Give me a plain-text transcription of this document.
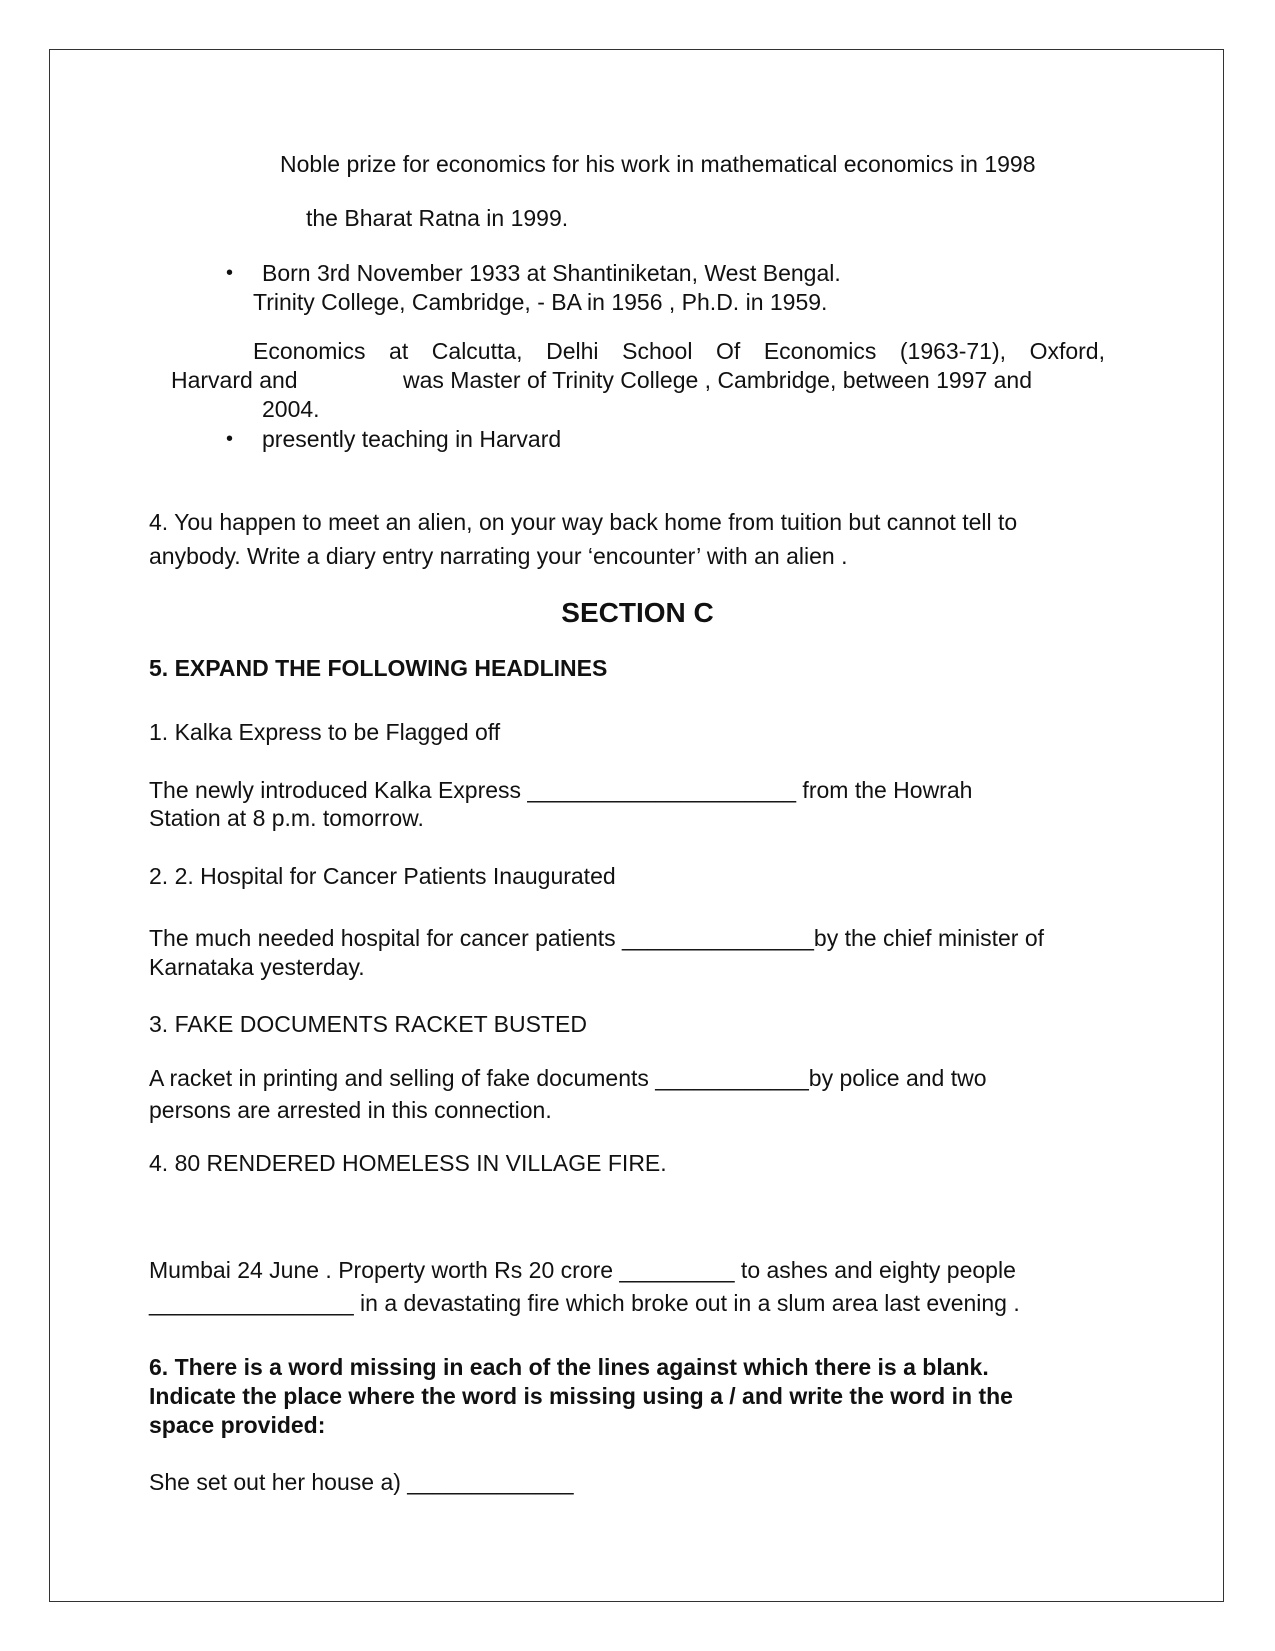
Noble prize for economics for his work in mathematical economics in 1998
the Bharat Ratna in 1999.
• Born 3rd November 1933 at Shantiniketan, West Bengal.
Trinity College, Cambridge, - BA in 1956 , Ph.D. in 1959.
Economics at Calcutta, Delhi School Of Economics (1963-71), Oxford,
Harvard and	was Master of Trinity College , Cambridge, between 1997 and
2004.
• presently teaching in Harvard
4. You happen to meet an alien, on your way back home from tuition but cannot tell to
anybody. Write a diary entry narrating your ‘encounter’ with an alien .
SECTION C
5. EXPAND THE FOLLOWING HEADLINES
1. Kalka Express to be Flagged off
The newly introduced Kalka Express _____________________ from the Howrah
Station at 8 p.m. tomorrow.
2. 2. Hospital for Cancer Patients Inaugurated
The much needed hospital for cancer patients _______________by the chief minister of
Karnataka yesterday.
3. FAKE DOCUMENTS RACKET BUSTED
A racket in printing and selling of fake documents ____________by police and two
persons are arrested in this connection.
4. 80 RENDERED HOMELESS IN VILLAGE FIRE.
Mumbai 24 June . Property worth Rs 20 crore _________ to ashes and eighty people
________________ in a devastating fire which broke out in a slum area last evening .
6. There is a word missing in each of the lines against which there is a blank.
Indicate the place where the word is missing using a / and write the word in the
space provided:
She set out her house a) _____________
